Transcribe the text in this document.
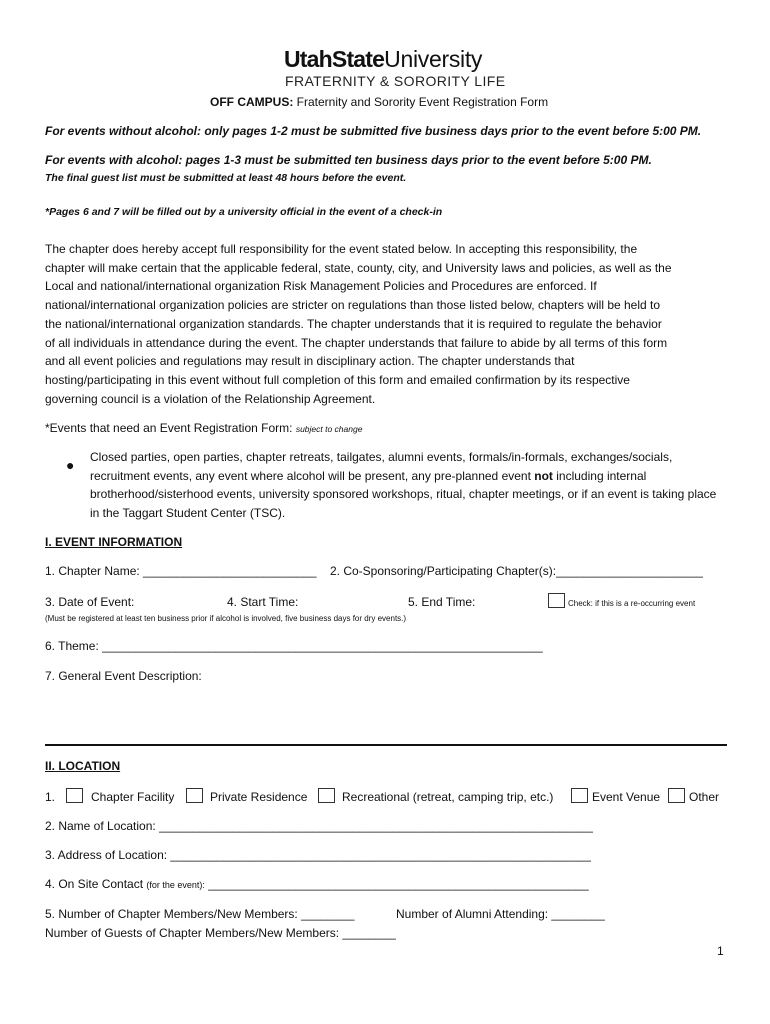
UtahStateUniversity
FRATERNITY & SORORITY LIFE
OFF CAMPUS: Fraternity and Sorority Event Registration Form
For events without alcohol: only pages 1-2 must be submitted five business days prior to the event before 5:00 PM.
For events with alcohol: pages 1-3 must be submitted ten business days prior to the event before 5:00 PM.
The final guest list must be submitted at least 48 hours before the event.
*Pages 6 and 7 will be filled out by a university official in the event of a check-in

The chapter does hereby accept full responsibility for the event stated below. In accepting this responsibility, the

chapter will make certain that the applicable federal, state, county, city, and University laws and policies, as well as the

Local and national/international organization Risk Management Policies and Procedures are enforced. If

national/international organization policies are stricter on regulations than those listed below, chapters will be held to

the national/international organization standards. The chapter understands that it is required to regulate the behavior

of all individuals in attendance during the event. The chapter understands that failure to abide by all terms of this form

and all event policies and regulations may result in disciplinary action. The chapter understands that

hosting/participating in this event without full completion of this form and emailed confirmation by its respective

governing council is a violation of the Relationship Agreement.

*Events that need an Event Registration Form: subject to change
● Closed parties, open parties, chapter retreats, tailgates, alumni events, formals/in-formals, exchanges/socials, recruitment events, any event where alcohol will be present, any pre-planned event not including internal brotherhood/sisterhood events, university sponsored workshops, ritual, chapter meetings, or if an event is taking place in the Taggart Student Center (TSC).
I. EVENT INFORMATION
1. Chapter Name: __________________________ 2. Co-Sponsoring/Participating Chapter(s):______________________
3. Date of Event:	4. Start Time:	5. End Time:	Check: if this is a re-occurring event
(Must be registered at least ten business prior if alcohol is involved, five business days for dry events.)
6. Theme: __________________________________________________________________
7. General Event Description:
II. LOCATION
1.	Chapter Facility	Private Residence	Recreational (retreat, camping trip, etc.)	Event Venue Other
2. Name of Location: _________________________________________________________________
3. Address of Location: _______________________________________________________________
4. On Site Contact (for the event): _________________________________________________________
5. Number of Chapter Members/New Members: ________	Number of Alumni Attending: ________
Number of Guests of Chapter Members/New Members: ________
1
